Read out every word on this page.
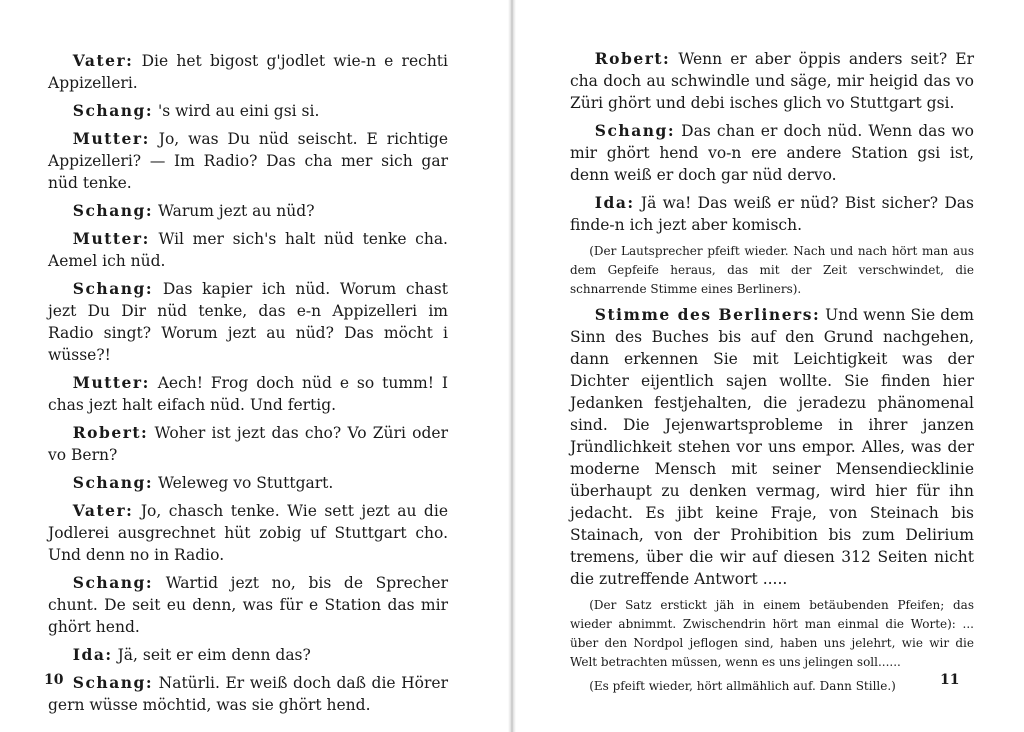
Vater: Die het bigost g'jodlet wie-n e rechti Appizelleri.

Schang: 's wird au eini gsi si.

Mutter: Jo, was Du nüd seischt. E richtige Appizelleri? — Im Radio? Das cha mer sich gar nüd tenke.

Schang: Warum jezt au nüd?

Mutter: Wil mer sich's halt nüd tenke cha. Aemel ich nüd.

Schang: Das kapier ich nüd. Worum chast jezt Du Dir nüd tenke, das e-n Appizelleri im Radio singt? Worum jezt au nüd? Das möcht i wüsse?!

Mutter: Aech! Frog doch nüd e so tumm! I chas jezt halt eifach nüd. Und fertig.

Robert: Woher ist jezt das cho? Vo Züri oder vo Bern?

Schang: Weleweg vo Stuttgart.

Vater: Jo, chasch tenke. Wie sett jezt au die Jodlerei ausgrechnet hüt zobig uf Stuttgart cho. Und denn no in Radio.

Schang: Wartid jezt no, bis de Sprecher chunt. De seit eu denn, was für e Station das mir ghört hend.

Ida: Jä, seit er eim denn das?

Schang: Natürli. Er weiß doch daß die Hörer gern wüsse möchtid, was sie ghört hend.

10

Robert: Wenn er aber öppis anders seit? Er cha doch au schwindle und säge, mir heigid das vo Züri ghört und debi isches glich vo Stuttgart gsi.

Schang: Das chan er doch nüd. Wenn das wo mir ghört hend vo-n ere andere Station gsi ist, denn weiß er doch gar nüd dervo.

Ida: Jä wa! Das weiß er nüd? Bist sicher? Das finde-n ich jezt aber komisch.

(Der Lautsprecher pfeift wieder. Nach und nach hört man aus dem Gepfeife heraus, das mit der Zeit verschwindet, die schnarrende Stimme eines Berliners).

Stimme des Berliners: Und wenn Sie dem Sinn des Buches bis auf den Grund nachgehen, dann erkennen Sie mit Leichtigkeit was der Dichter eijentlich sajen wollte. Sie finden hier Jedanken festjehalten, die jeradezu phänomenal sind. Die Jejenwartsprobleme in ihrer janzen Jründlichkeit stehen vor uns empor. Alles, was der moderne Mensch mit seiner Mensendiecklinie überhaupt zu denken vermag, wird hier für ihn jedacht. Es jibt keine Fraje, von Steinach bis Stainach, von der Prohibition bis zum Delirium tremens, über die wir auf diesen 312 Seiten nicht die zutreffende Antwort .....

(Der Satz erstickt jäh in einem betäubenden Pfeifen; das wieder abnimmt. Zwischendrin hört man einmal die Worte): ... über den Nordpol jeflogen sind, haben uns jelehrt, wie wir die Welt betrachten müssen, wenn es uns jelingen soll......

(Es pfeift wieder, hört allmählich auf. Dann Stille.)	11
